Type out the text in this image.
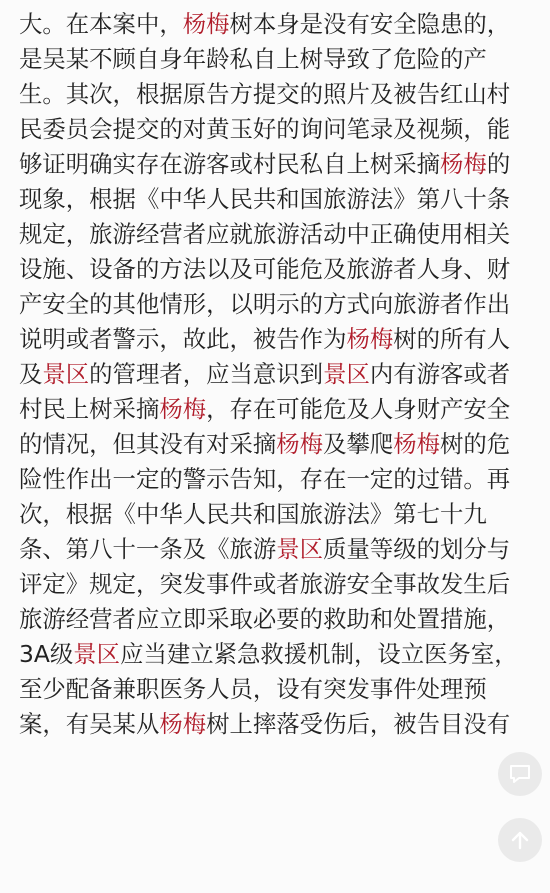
大。在本案中，杨梅树本身是没有安全隐患的，
是吴某不顾自身年龄私自上树导致了危险的产
生。其次，根据原告方提交的照片及被告红山村
民委员会提交的对黄玉好的询问笔录及视频，能
够证明确实存在游客或村民私自上树采摘杨梅的
现象，根据《中华人民共和国旅游法》第八十条
规定，旅游经营者应就旅游活动中正确使用相关
设施、设备的方法以及可能危及旅游者人身、财
产安全的其他情形，以明示的方式向旅游者作出
说明或者警示，故此，被告作为杨梅树的所有人
及景区的管理者，应当意识到景区内有游客或者
村民上树采摘杨梅，存在可能危及人身财产安全
的情况，但其没有对采摘杨梅及攀爬杨梅树的危
险性作出一定的警示告知，存在一定的过错。再
次，根据《中华人民共和国旅游法》第七十九
条、第八十一条及《旅游景区质量等级的划分与
评定》规定，突发事件或者旅游安全事故发生后
旅游经营者应立即采取必要的救助和处置措施，
3A级景区应当建立紧急救援机制，设立医务室，
至少配备兼职医务人员，设有突发事件处理预
案，有吴某从杨梅树上摔落受伤后，被告目没有
